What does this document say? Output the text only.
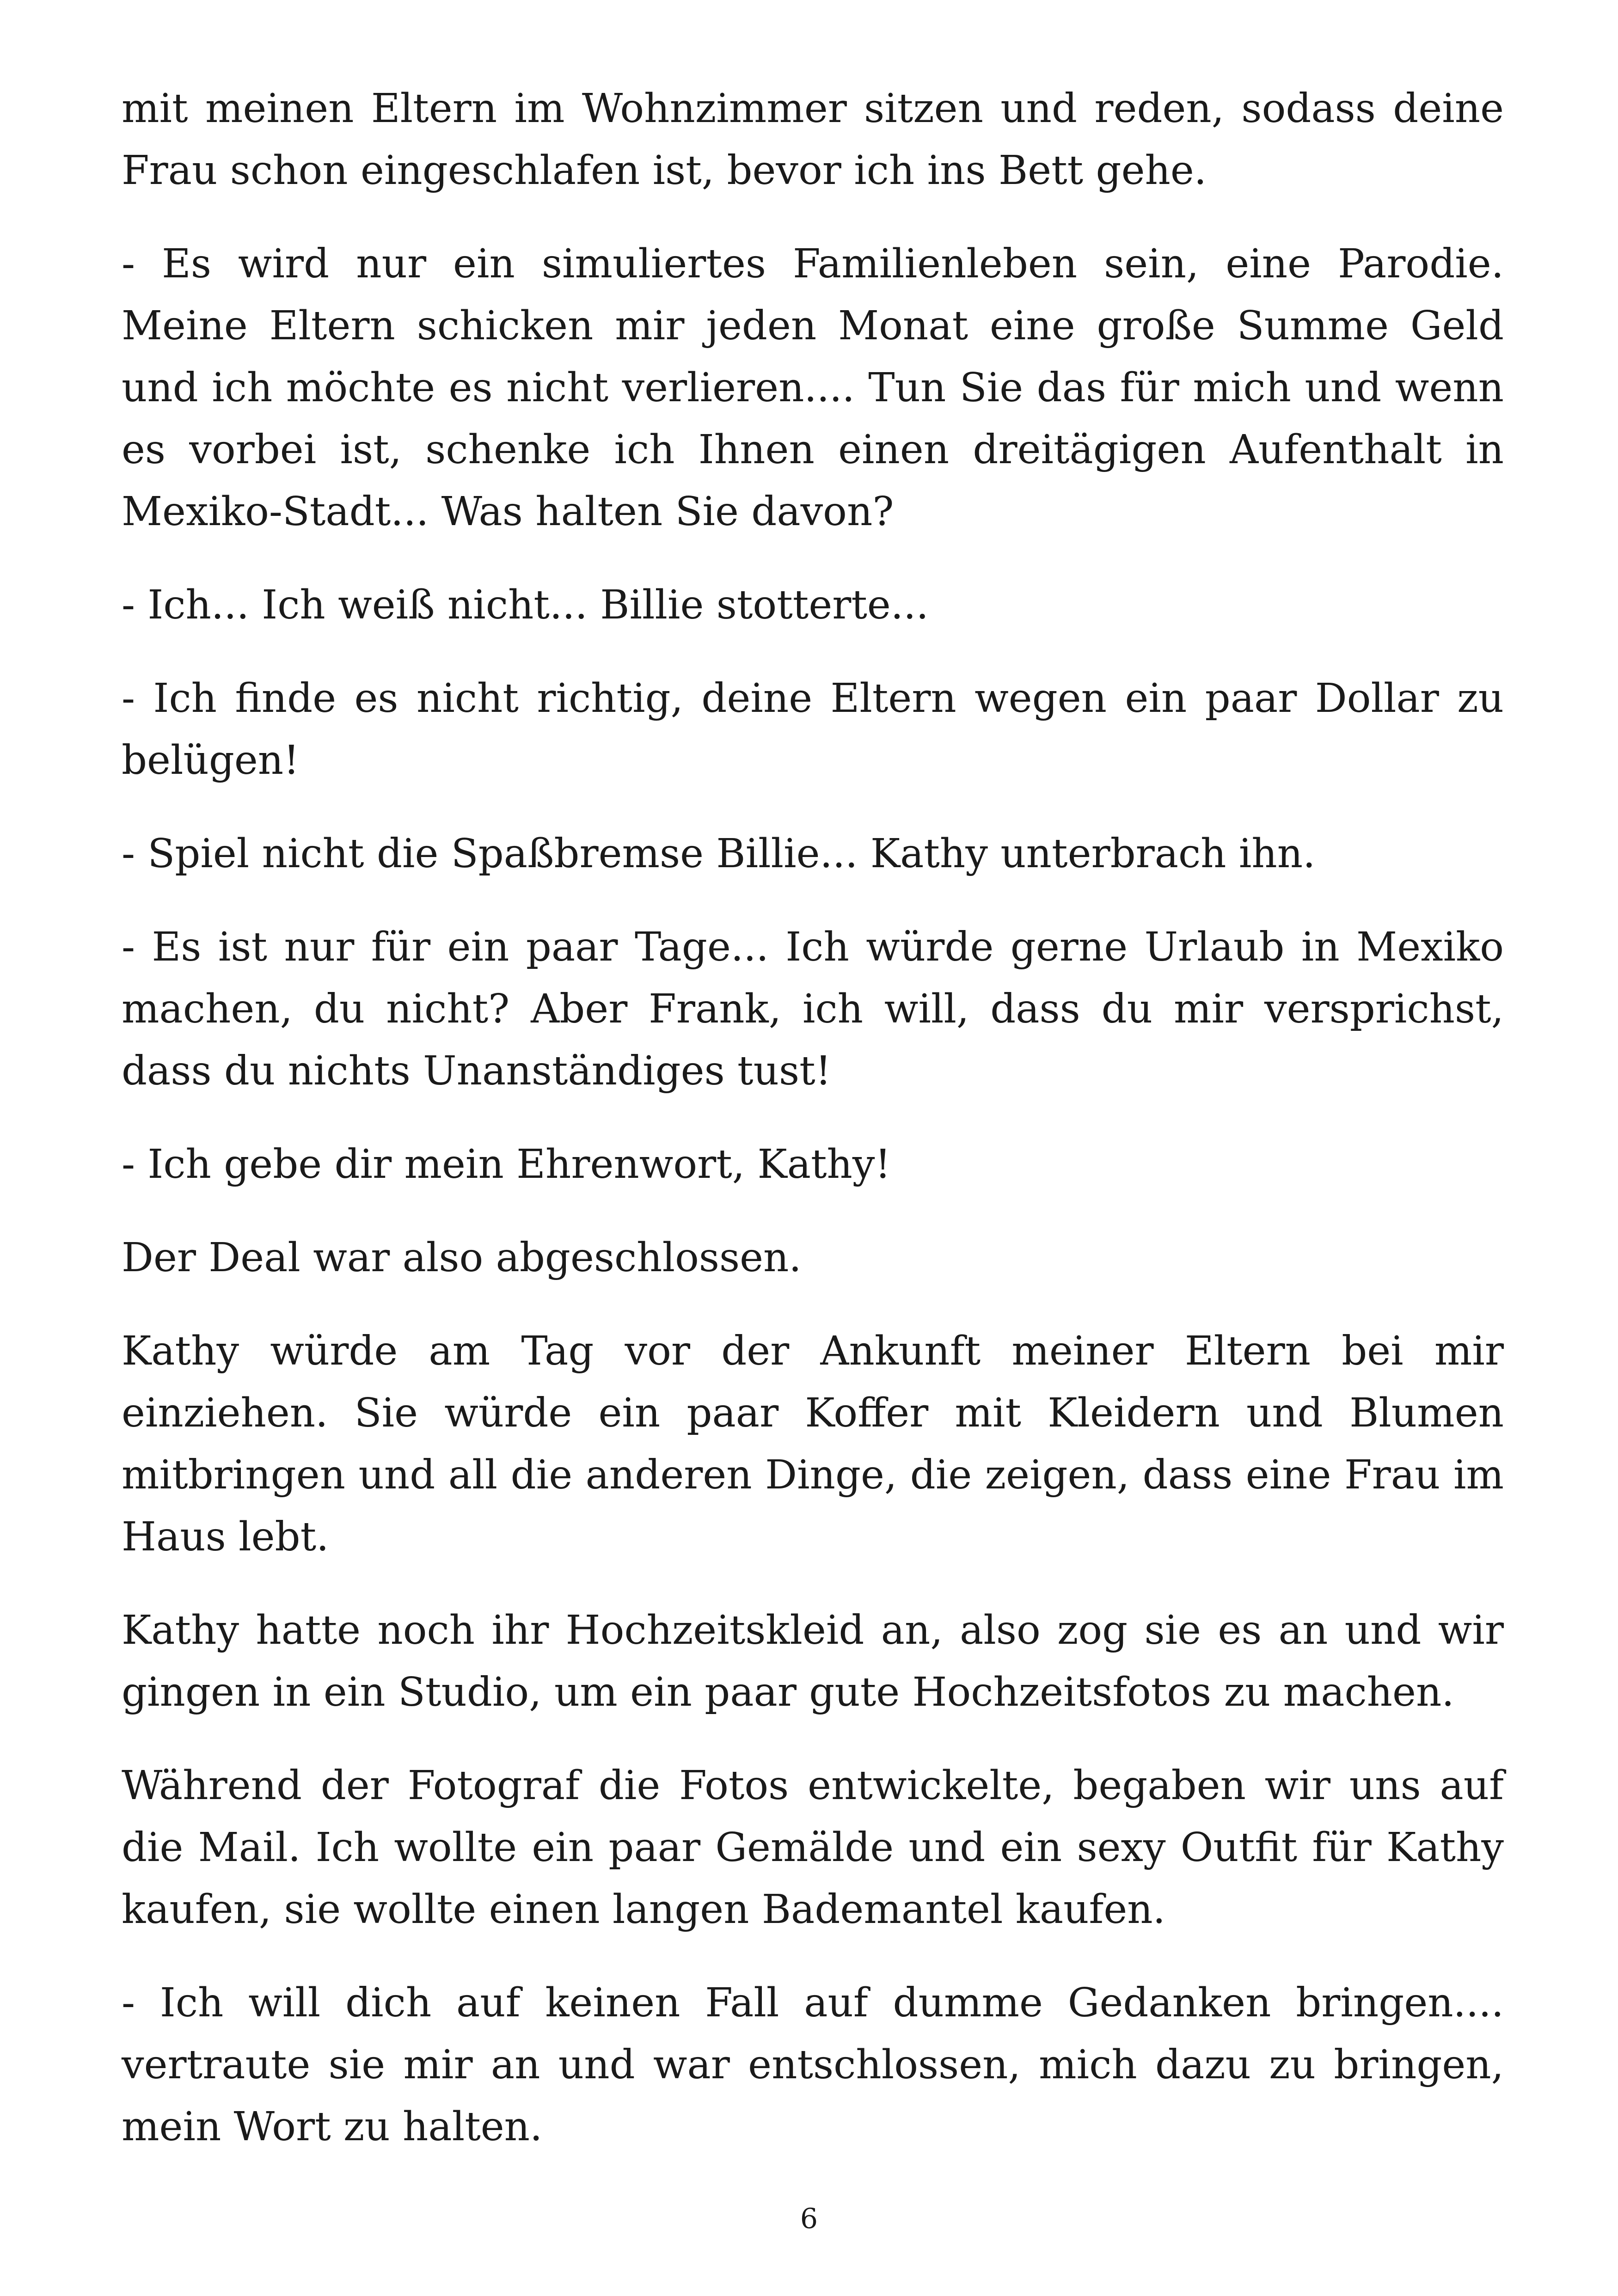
mit meinen Eltern im Wohnzimmer sitzen und reden, sodass deine Frau schon eingeschlafen ist, bevor ich ins Bett gehe.

- Es wird nur ein simuliertes Familienleben sein, eine Parodie. Meine Eltern schicken mir jeden Monat eine große Summe Geld und ich möchte es nicht verlieren.... Tun Sie das für mich und wenn es vorbei ist, schenke ich Ihnen einen dreitägigen Aufenthalt in Mexiko-Stadt... Was halten Sie davon?

- Ich... Ich weiß nicht... Billie stotterte...

- Ich finde es nicht richtig, deine Eltern wegen ein paar Dollar zu belügen!

- Spiel nicht die Spaßbremse Billie... Kathy unterbrach ihn.

- Es ist nur für ein paar Tage... Ich würde gerne Urlaub in Mexiko machen, du nicht? Aber Frank, ich will, dass du mir versprichst, dass du nichts Unanständiges tust!

- Ich gebe dir mein Ehrenwort, Kathy!

Der Deal war also abgeschlossen.

Kathy würde am Tag vor der Ankunft meiner Eltern bei mir einziehen. Sie würde ein paar Koffer mit Kleidern und Blumen mitbringen und all die anderen Dinge, die zeigen, dass eine Frau im Haus lebt.

Kathy hatte noch ihr Hochzeitskleid an, also zog sie es an und wir gingen in ein Studio, um ein paar gute Hochzeitsfotos zu machen.

Während der Fotograf die Fotos entwickelte, begaben wir uns auf die Mail. Ich wollte ein paar Gemälde und ein sexy Outfit für Kathy kaufen, sie wollte einen langen Bademantel kaufen.

- Ich will dich auf keinen Fall auf dumme Gedanken bringen.... vertraute sie mir an und war entschlossen, mich dazu zu bringen, mein Wort zu halten.

6
